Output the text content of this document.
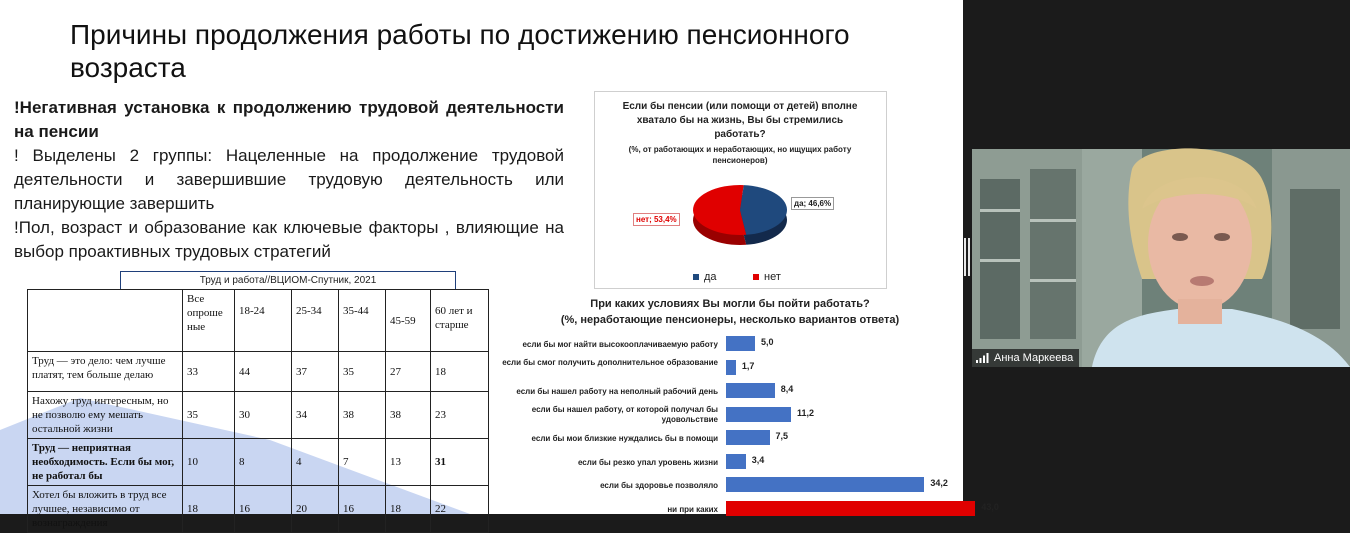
Причины продолжения работы по достижению пенсионного возраста
!Негативная установка к продолжению трудовой деятельности на пенсии
! Выделены 2 группы: Нацеленные на продолжение трудовой деятельности и завершившие трудовую деятельность или планирующие завершить
!Пол, возраст и образование как ключевые факторы , влияющие на выбор проактивных трудовых стратегий
Если бы пенсии (или помощи от детей) вполне хватало бы на жизнь, Вы бы стремились работать?
(%, от работающих и неработающих, но ищущих работу пенсионеров)
нет; 53,4%
да; 46,6%
да	нет
Труд и работа//ВЦИОМ-Спутник, 2021
	Все опроше ные	18-24	25-34	35-44	45-59	60 лет и старше
Труд — это дело: чем лучше платят, тем больше делаю	33	44	37	35	27	18
Нахожу труд интересным, но не позволю ему мешать остальной жизни	35	30	34	38	38	23
Труд — неприятная необходимость. Если бы мог, не работал бы	10	8	4	7	13	31
Хотел бы вложить в труд все лучшее, независимо от вознаграждения	18	16	20	16	18	22
При каких условиях Вы могли бы пойти работать?
(%, неработающие пенсионеры, несколько вариантов ответа)
если бы мог найти высокооплачиваемую работу	5,0
если бы смог получить дополнительное образование	1,7
если бы нашел работу на неполный рабочий день	8,4
если бы нашел работу, от которой получал бы удовольствие
11,2
если бы мои близкие нуждались бы в помощи	7,5
если бы резко упал уровень жизни	3,4
если бы здоровье позволяло	34,2
ни при каких	43,0
Анна Маркеева
